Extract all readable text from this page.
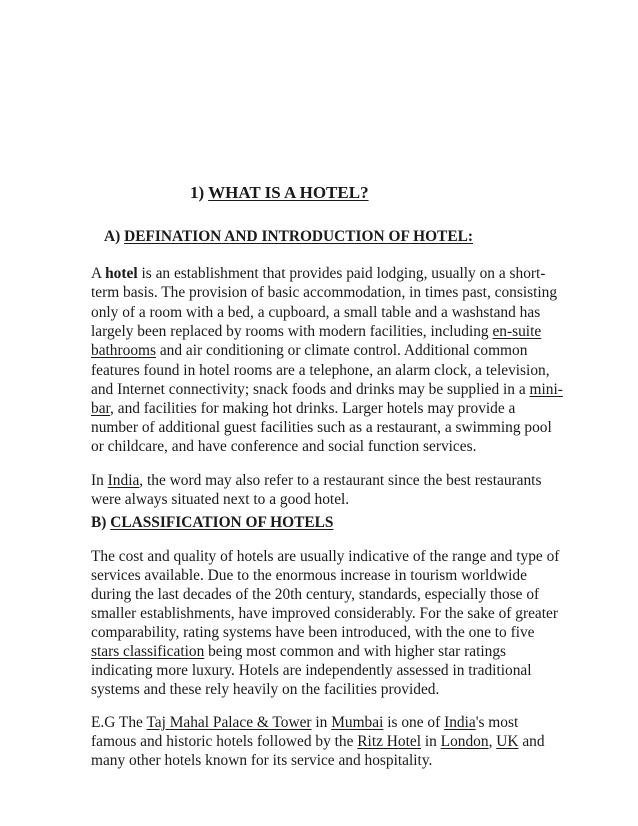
1) WHAT IS A HOTEL?
A) DEFINATION AND INTRODUCTION OF HOTEL:
A hotel is an establishment that provides paid lodging, usually on a short-
term basis. The provision of basic accommodation, in times past, consisting
only of a room with a bed, a cupboard, a small table and a washstand has
largely been replaced by rooms with modern facilities, including en-suite
bathrooms and air conditioning or climate control. Additional common
features found in hotel rooms are a telephone, an alarm clock, a television,
and Internet connectivity; snack foods and drinks may be supplied in a mini-
bar, and facilities for making hot drinks. Larger hotels may provide a
number of additional guest facilities such as a restaurant, a swimming pool
or childcare, and have conference and social function services.
In India, the word may also refer to a restaurant since the best restaurants
were always situated next to a good hotel.
B) CLASSIFICATION OF HOTELS
The cost and quality of hotels are usually indicative of the range and type of
services available. Due to the enormous increase in tourism worldwide
during the last decades of the 20th century, standards, especially those of
smaller establishments, have improved considerably. For the sake of greater
comparability, rating systems have been introduced, with the one to five
stars classification being most common and with higher star ratings
indicating more luxury. Hotels are independently assessed in traditional
systems and these rely heavily on the facilities provided.
E.G The Taj Mahal Palace & Tower in Mumbai is one of India's most
famous and historic hotels followed by the Ritz Hotel in London, UK and
many other hotels known for its service and hospitality.
